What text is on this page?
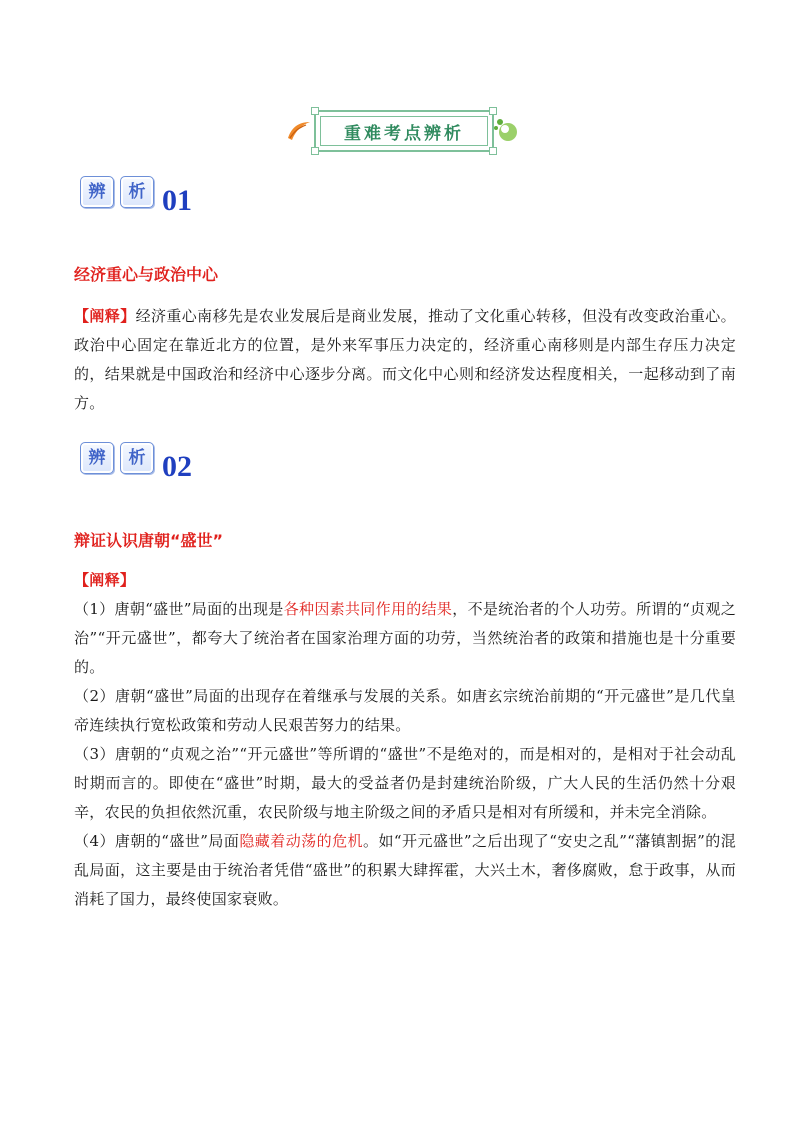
重难考点辨析
辨	析 01
经济重心与政治中心

【阐释】经济重心南移先是农业发展后是商业发展，推动了文化重心转移，但没有改变政治重心。政治中心固定在靠近北方的位置，是外来军事压力决定的，经济重心南移则是内部生存压力决定的，结果就是中国政治和经济中心逐步分离。而文化中心则和经济发达程度相关，一起移动到了南方。

辨	析 02
辩证认识唐朝“盛世”
【阐释】
（1）唐朝“盛世”局面的出现是各种因素共同作用的结果，不是统治者的个人功劳。所谓的“贞观之治”“开元盛世”，都夸大了统治者在国家治理方面的功劳，当然统治者的政策和措施也是十分重要的。
（2）唐朝“盛世”局面的出现存在着继承与发展的关系。如唐玄宗统治前期的“开元盛世”是几代皇帝连续执行宽松政策和劳动人民艰苦努力的结果。
（3）唐朝的“贞观之治”“开元盛世”等所谓的“盛世”不是绝对的，而是相对的，是相对于社会动乱时期而言的。即使在“盛世”时期，最大的受益者仍是封建统治阶级，广大人民的生活仍然十分艰辛，农民的负担依然沉重，农民阶级与地主阶级之间的矛盾只是相对有所缓和，并未完全消除。
（4）唐朝的“盛世”局面隐藏着动荡的危机。如“开元盛世”之后出现了“安史之乱”“藩镇割据”的混乱局面，这主要是由于统治者凭借“盛世”的积累大肆挥霍，大兴土木，奢侈腐败，怠于政事，从而消耗了国力，最终使国家衰败。
